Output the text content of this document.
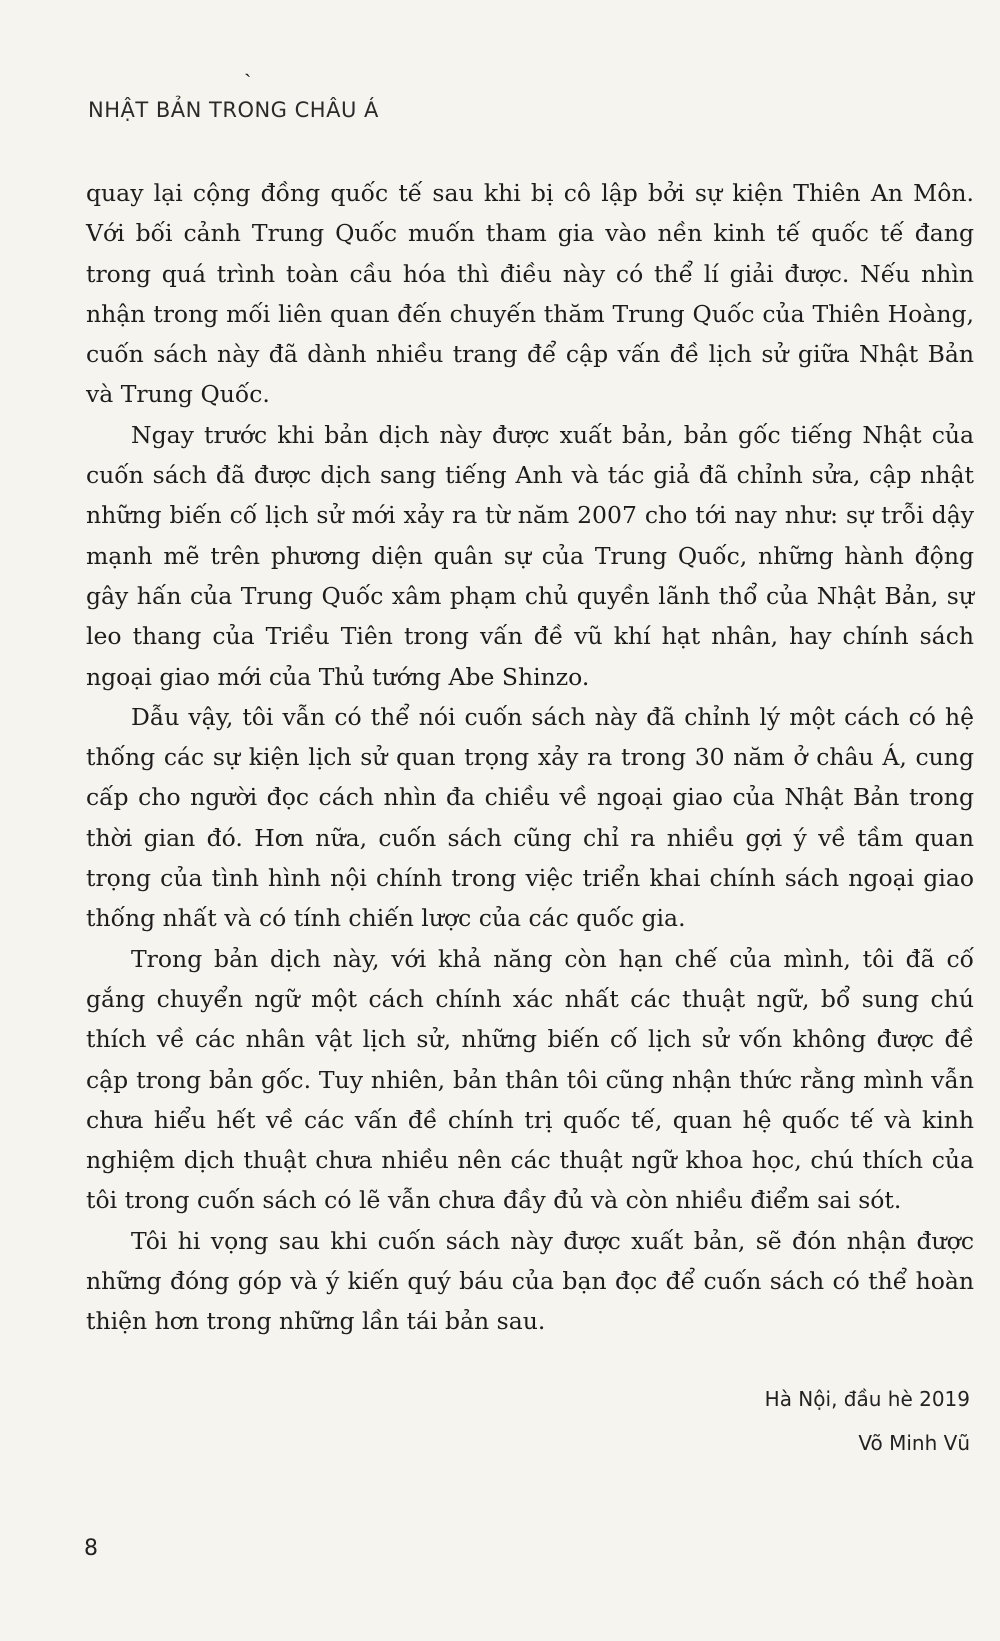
ˏ
NHẬT BẢN TRONG CHÂU Á

quay lại cộng đồng quốc tế sau khi bị cô lập bởi sự kiện Thiên An Môn. Với bối cảnh Trung Quốc muốn tham gia vào nền kinh tế quốc tế đang trong quá trình toàn cầu hóa thì điều này có thể lí giải được. Nếu nhìn nhận trong mối liên quan đến chuyến thăm Trung Quốc của Thiên Hoàng, cuốn sách này đã dành nhiều trang để cập vấn đề lịch sử giữa Nhật Bản và Trung Quốc.

Ngay trước khi bản dịch này được xuất bản, bản gốc tiếng Nhật của cuốn sách đã được dịch sang tiếng Anh và tác giả đã chỉnh sửa, cập nhật những biến cố lịch sử mới xảy ra từ năm 2007 cho tới nay như: sự trỗi dậy mạnh mẽ trên phương diện quân sự của Trung Quốc, những hành động gây hấn của Trung Quốc xâm phạm chủ quyền lãnh thổ của Nhật Bản, sự leo thang của Triều Tiên trong vấn đề vũ khí hạt nhân, hay chính sách ngoại giao mới của Thủ tướng Abe Shinzo.

Dẫu vậy, tôi vẫn có thể nói cuốn sách này đã chỉnh lý một cách có hệ thống các sự kiện lịch sử quan trọng xảy ra trong 30 năm ở châu Á, cung cấp cho người đọc cách nhìn đa chiều về ngoại giao của Nhật Bản trong thời gian đó. Hơn nữa, cuốn sách cũng chỉ ra nhiều gợi ý về tầm quan trọng của tình hình nội chính trong việc triển khai chính sách ngoại giao thống nhất và có tính chiến lược của các quốc gia.

Trong bản dịch này, với khả năng còn hạn chế của mình, tôi đã cố gắng chuyển ngữ một cách chính xác nhất các thuật ngữ, bổ sung chú thích về các nhân vật lịch sử, những biến cố lịch sử vốn không được đề cập trong bản gốc. Tuy nhiên, bản thân tôi cũng nhận thức rằng mình vẫn chưa hiểu hết về các vấn đề chính trị quốc tế, quan hệ quốc tế và kinh nghiệm dịch thuật chưa nhiều nên các thuật ngữ khoa học, chú thích của tôi trong cuốn sách có lẽ vẫn chưa đầy đủ và còn nhiều điểm sai sót.

Tôi hi vọng sau khi cuốn sách này được xuất bản, sẽ đón nhận được những đóng góp và ý kiến quý báu của bạn đọc để cuốn sách có thể hoàn thiện hơn trong những lần tái bản sau.

Hà Nội, đầu hè 2019
Võ Minh Vũ
8
